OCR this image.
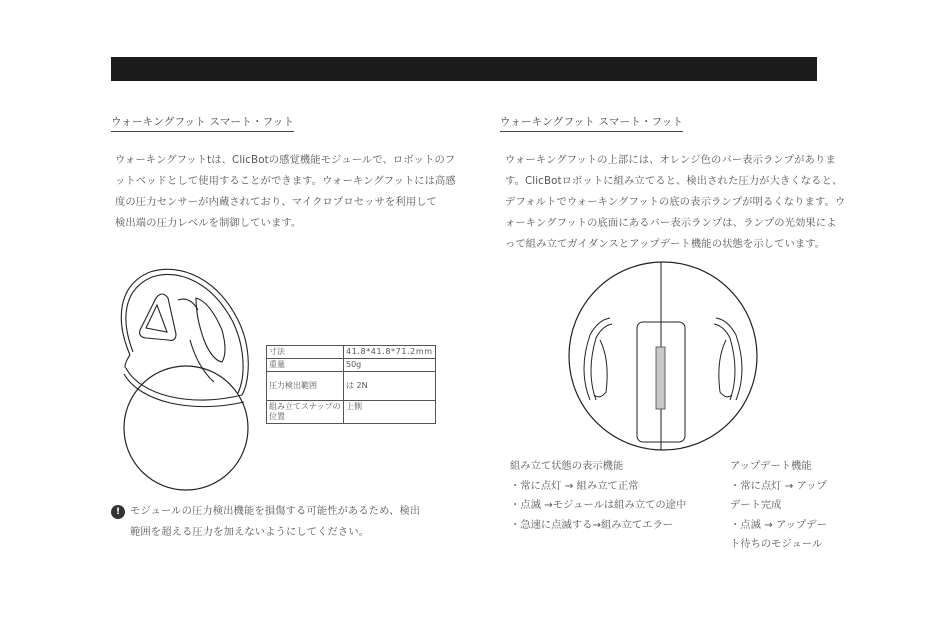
ウォーキングフット スマート・フット
ウォーキングフットtは、ClicBotの感覚機能モジュールで、ロボットのフ
ットベッドとして使用することができます。ウォーキングフットには高感
度の圧力センサーが内蔵されており、マイクロプロセッサを利用して
検出端の圧力レベルを制御しています。
寸法	41.8*41.8*71.2mm
重量	50g
圧力検出範囲	は 2N
組み立てスナップの位置	上側
! モジュールの圧力検出機能を損傷する可能性があるため、検出
範囲を超える圧力を加えないようにしてください。
ウォーキングフット スマート・フット
ウォーキングフットの上部には、オレンジ色のバー表示ランプがありま
す。ClicBotロボットに組み立てると、検出された圧力が大きくなると、
デフォルトでウォーキングフットの底の表示ランプが明るくなります。ウ
ォーキングフットの底面にあるバー表示ランプは、ランプの光効果によ
って組み立てガイダンスとアップデート機能の状態を示しています。
組み立て状態の表示機能
・常に点灯 → 組み立て正常
・点滅 →モジュールは組み立ての途中
・急速に点滅する→組み立てエラー
アップデート機能
・常に点灯 → アップ
デート完成
・点滅 → アップデー
ト待ちのモジュール
